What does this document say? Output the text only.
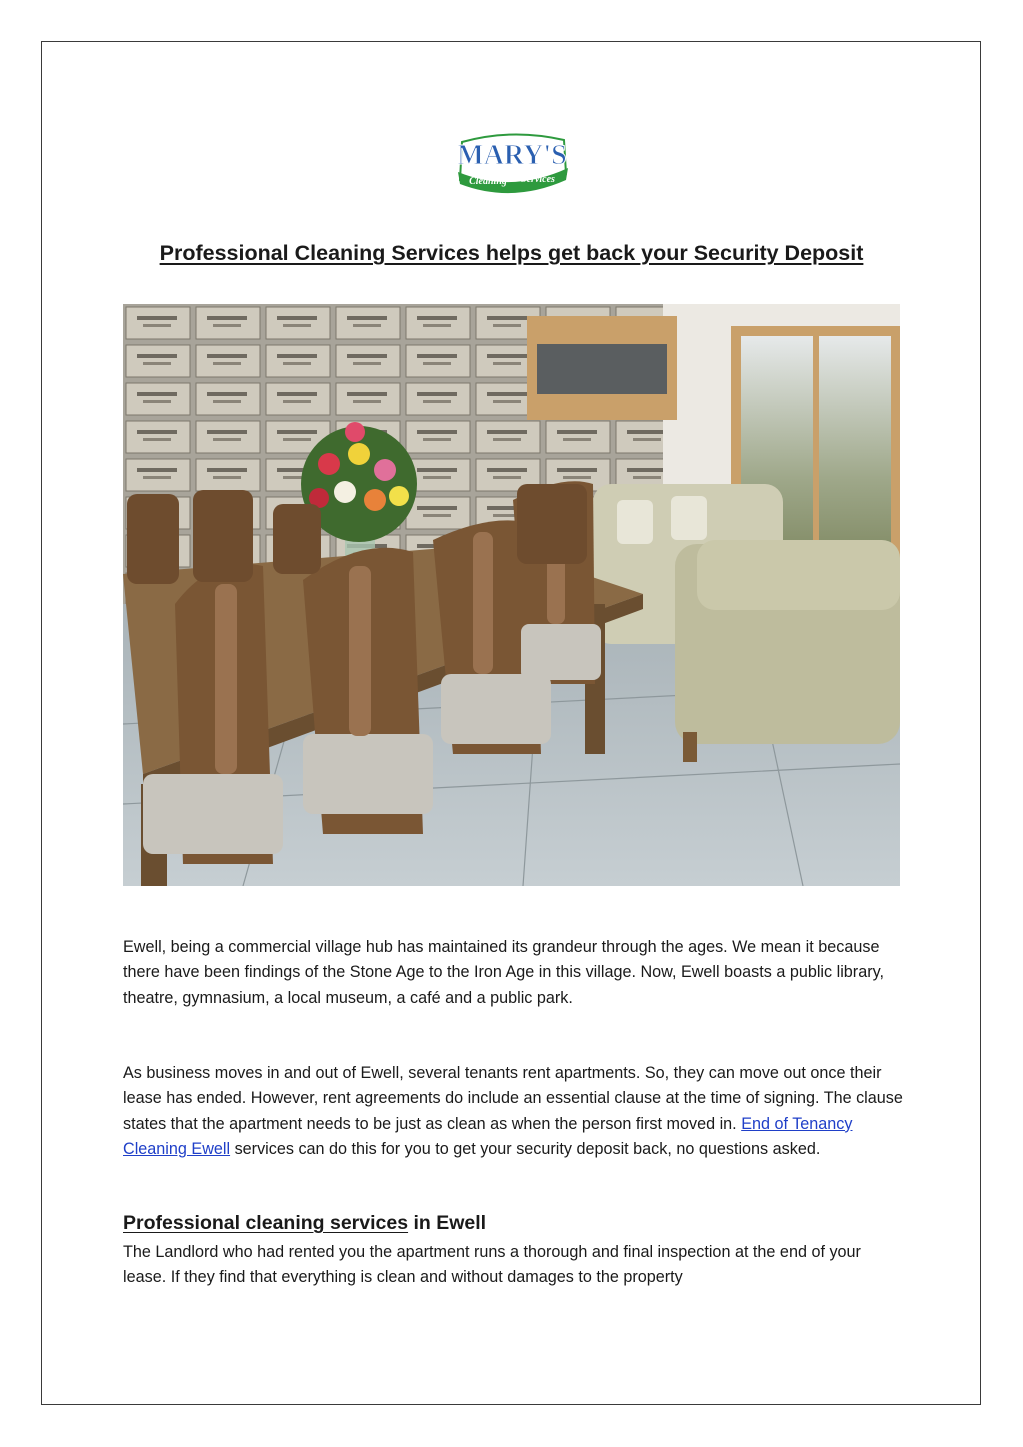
MARY'S
Cleaning Services
Professional Cleaning Services helps get back your Security Deposit

Ewell, being a commercial village hub has maintained its grandeur through the ages. We mean it because there have been findings of the Stone Age to the Iron Age in this village. Now, Ewell boasts a public library, theatre, gymnasium, a local museum, a café and a public park.

As business moves in and out of Ewell, several tenants rent apartments. So, they can move out once their lease has ended. However, rent agreements do include an essential clause at the time of signing. The clause states that the apartment needs to be just as clean as when the person first moved in. End of Tenancy Cleaning Ewell services can do this for you to get your security deposit back, no questions asked.

Professional cleaning services in Ewell

The Landlord who had rented you the apartment runs a thorough and final inspection at the end of your lease. If they find that everything is clean and without damages to the property
